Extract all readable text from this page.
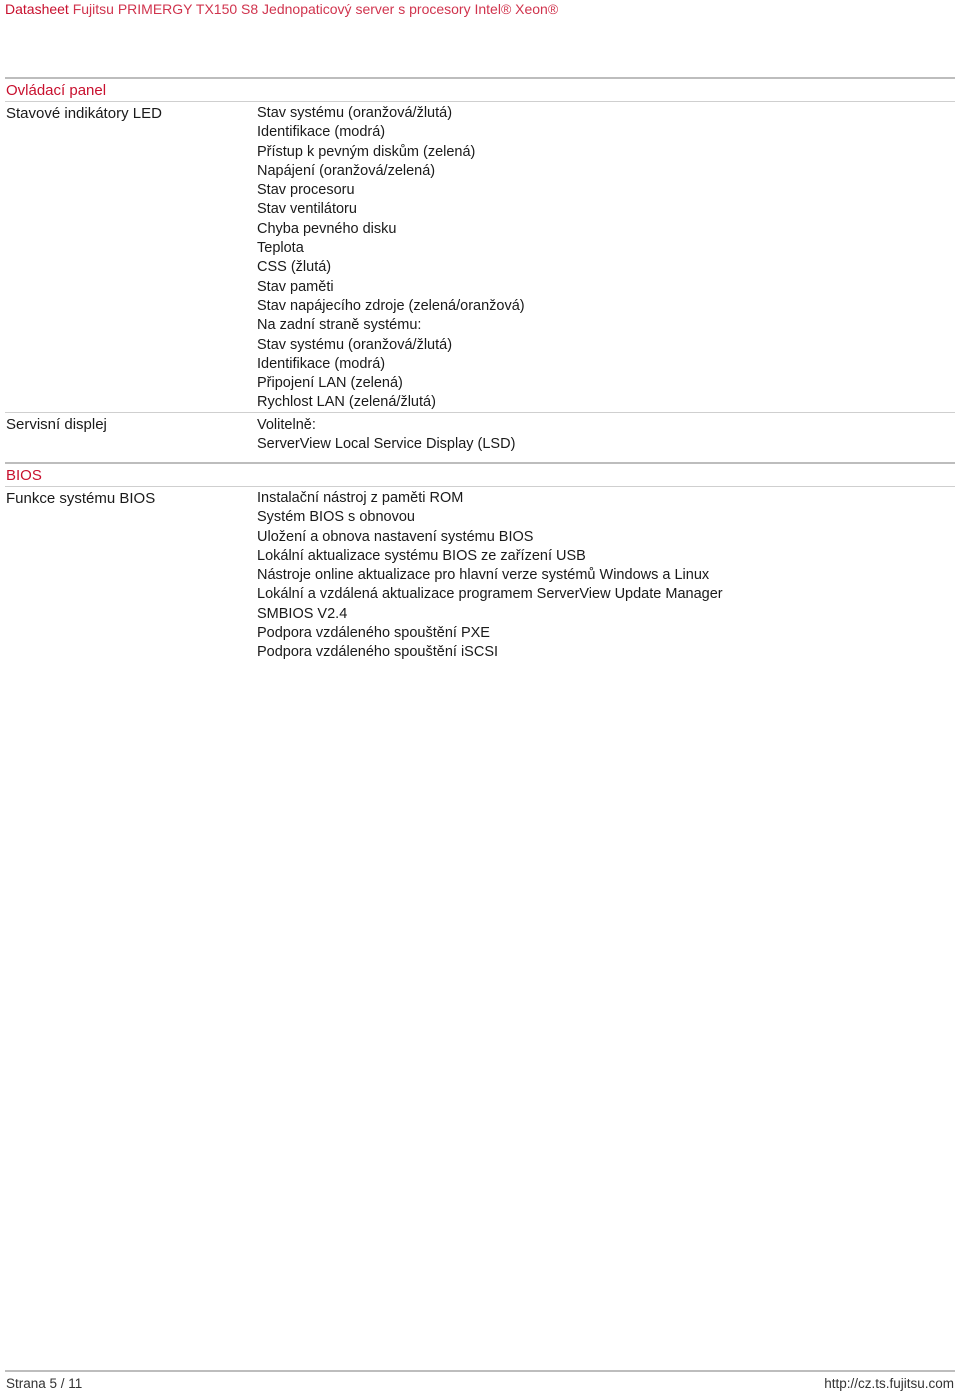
Datasheet Fujitsu PRIMERGY TX150 S8 Jednopaticový server s procesory Intel® Xeon®
Ovládací panel
Stavové indikátory LED	Stav systému (oranžová/žlutá)
Identifikace (modrá)
Přístup k pevným diskům (zelená)
Napájení (oranžová/zelená)
Stav procesoru
Stav ventilátoru
Chyba pevného disku
Teplota
CSS (žlutá)
Stav paměti
Stav napájecího zdroje (zelená/oranžová)
Na zadní straně systému:
Stav systému (oranžová/žlutá)
Identifikace (modrá)
Připojení LAN (zelená)
Rychlost LAN (zelená/žlutá)
Servisní displej	Volitelně:
ServerView Local Service Display (LSD)
BIOS
Funkce systému BIOS	Instalační nástroj z paměti ROM
Systém BIOS s obnovou
Uložení a obnova nastavení systému BIOS
Lokální aktualizace systému BIOS ze zařízení USB
Nástroje online aktualizace pro hlavní verze systémů Windows a Linux
Lokální a vzdálená aktualizace programem ServerView Update Manager
SMBIOS V2.4
Podpora vzdáleného spouštění PXE
Podpora vzdáleného spouštění iSCSI
Strana 5 / 11	http://cz.ts.fujitsu.com
